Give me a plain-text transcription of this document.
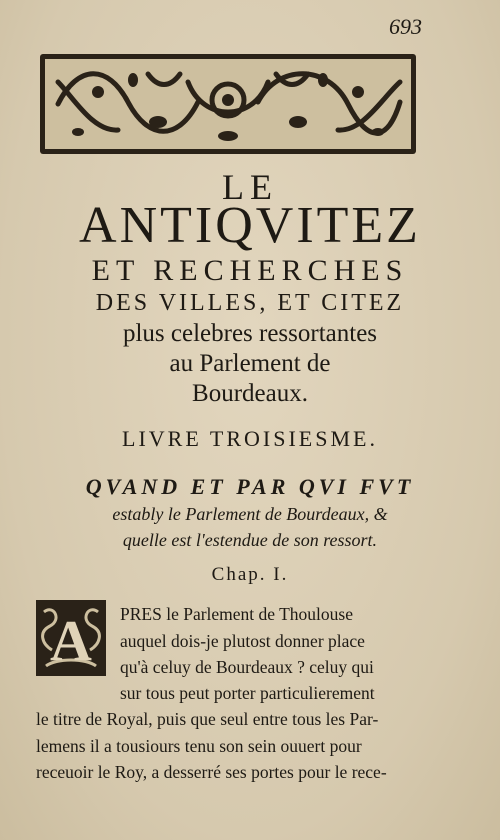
693
LE
ANTIQVITEZ
ET RECHERCHES
DES VILLES, ET CITEZ
plus celebres ressortantes
au Parlement de
Bourdeaux.
LIVRE TROISIESME.
QVAND ET PAR QVI FVT
estably le Parlement de Bourdeaux, &
quelle est l'estendue de son ressort.
Chap. I.
A PRES le Parlement de Thoulouse
auquel dois-je plutost donner place
qu'à celuy de Bourdeaux ? celuy qui
sur tous peut porter particulierement
le titre de Royal, puis que seul entre tous les Par-
lemens il a tousiours tenu son sein ouuert pour
receuoir le Roy, a desserré ses portes pour le rece-
